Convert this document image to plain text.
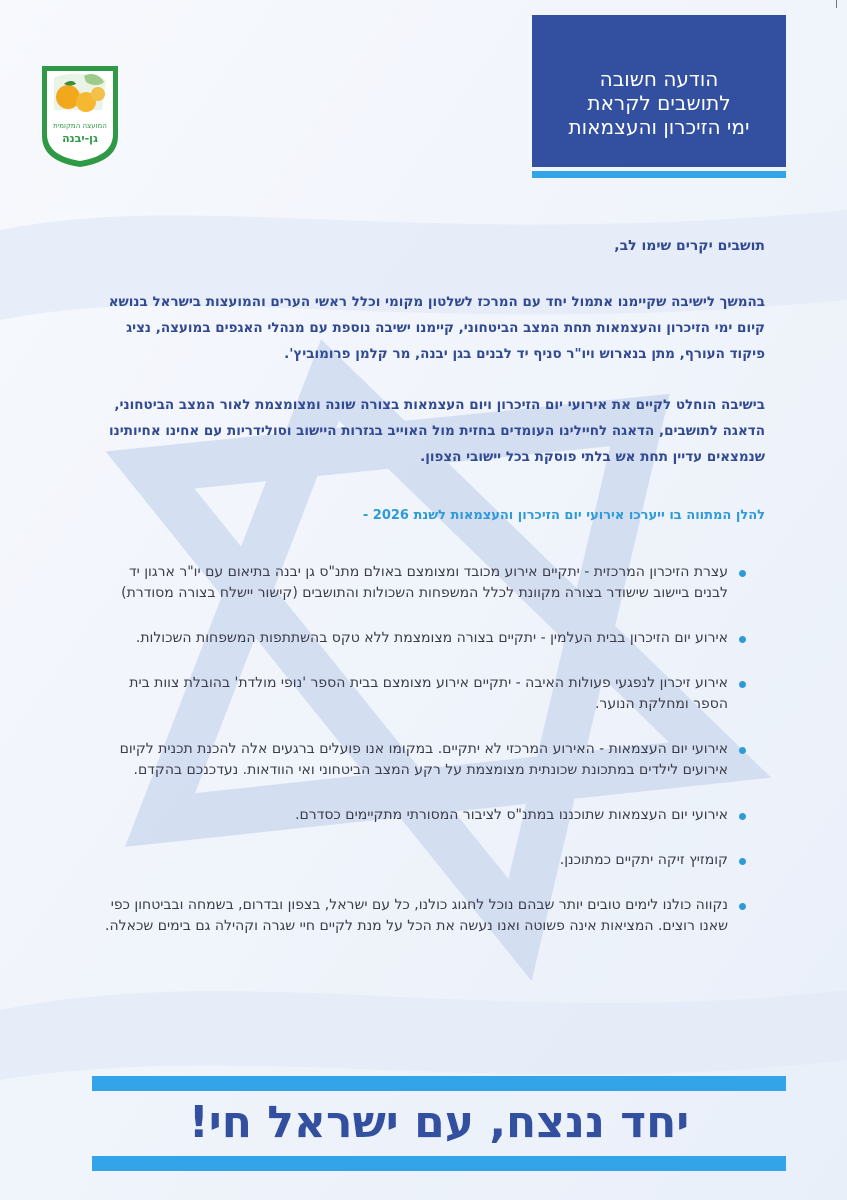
המועצה המקומית
גן-יבנה
הודעה חשובה
לתושבים לקראת
ימי הזיכרון והעצמאות
תושבים יקרים שימו לב,
בהמשך לישיבה שקיימנו אתמול יחד עם המרכז לשלטון מקומי וכלל ראשי הערים והמועצות בישראל בנושא קיום ימי הזיכרון והעצמאות תחת המצב הביטחוני, קיימנו ישיבה נוספת עם מנהלי האגפים במועצה, נציג פיקוד העורף, מתן בנארוש ויו"ר סניף יד לבנים בגן יבנה, מר קלמן פרומוביץ'.
בישיבה הוחלט לקיים את אירועי יום הזיכרון ויום העצמאות בצורה שונה ומצומצמת לאור המצב הביטחוני, הדאגה לתושבים, הדאגה לחיילינו העומדים בחזית מול האוייב בגזרות היישוב וסולידריות עם אחינו אחיותינו שנמצאים עדיין תחת אש בלתי פוסקת בכל יישובי הצפון.
להלן המתווה בו ייערכו אירועי יום הזיכרון והעצמאות לשנת 2026 -
עצרת הזיכרון המרכזית - יתקיים אירוע מכובד ומצומצם באולם מתנ"ס גן יבנה בתיאום עם יו"ר ארגון יד לבנים ביישוב שישודר בצורה מקוונת לכלל המשפחות השכולות והתושבים (קישור יישלח בצורה מסודרת)
אירוע יום הזיכרון בבית העלמין - יתקיים בצורה מצומצמת ללא טקס בהשתתפות המשפחות השכולות.
אירוע זיכרון לנפגעי פעולות האיבה - יתקיים אירוע מצומצם בבית הספר 'נופי מולדת' בהובלת צוות בית הספר ומחלקת הנוער.
אירועי יום העצמאות - האירוע המרכזי לא יתקיים. במקומו אנו פועלים ברגעים אלה להכנת תכנית לקיום אירועים לילדים במתכונת שכונתית מצומצמת על רקע המצב הביטחוני ואי הוודאות. נעדכנכם בהקדם.
אירועי יום העצמאות שתוכננו במתנ"ס לציבור המסורתי מתקיימים כסדרם.
קומזיץ זיקה יתקיים כמתוכנן.
נקווה כולנו לימים טובים יותר שבהם נוכל לחגוג כולנו, כל עם ישראל, בצפון ובדרום, בשמחה ובביטחון כפי שאנו רוצים. המציאות אינה פשוטה ואנו נעשה את הכל על מנת לקיים חיי שגרה וקהילה גם בימים שכאלה.
יחד ננצח, עם ישראל חי!
